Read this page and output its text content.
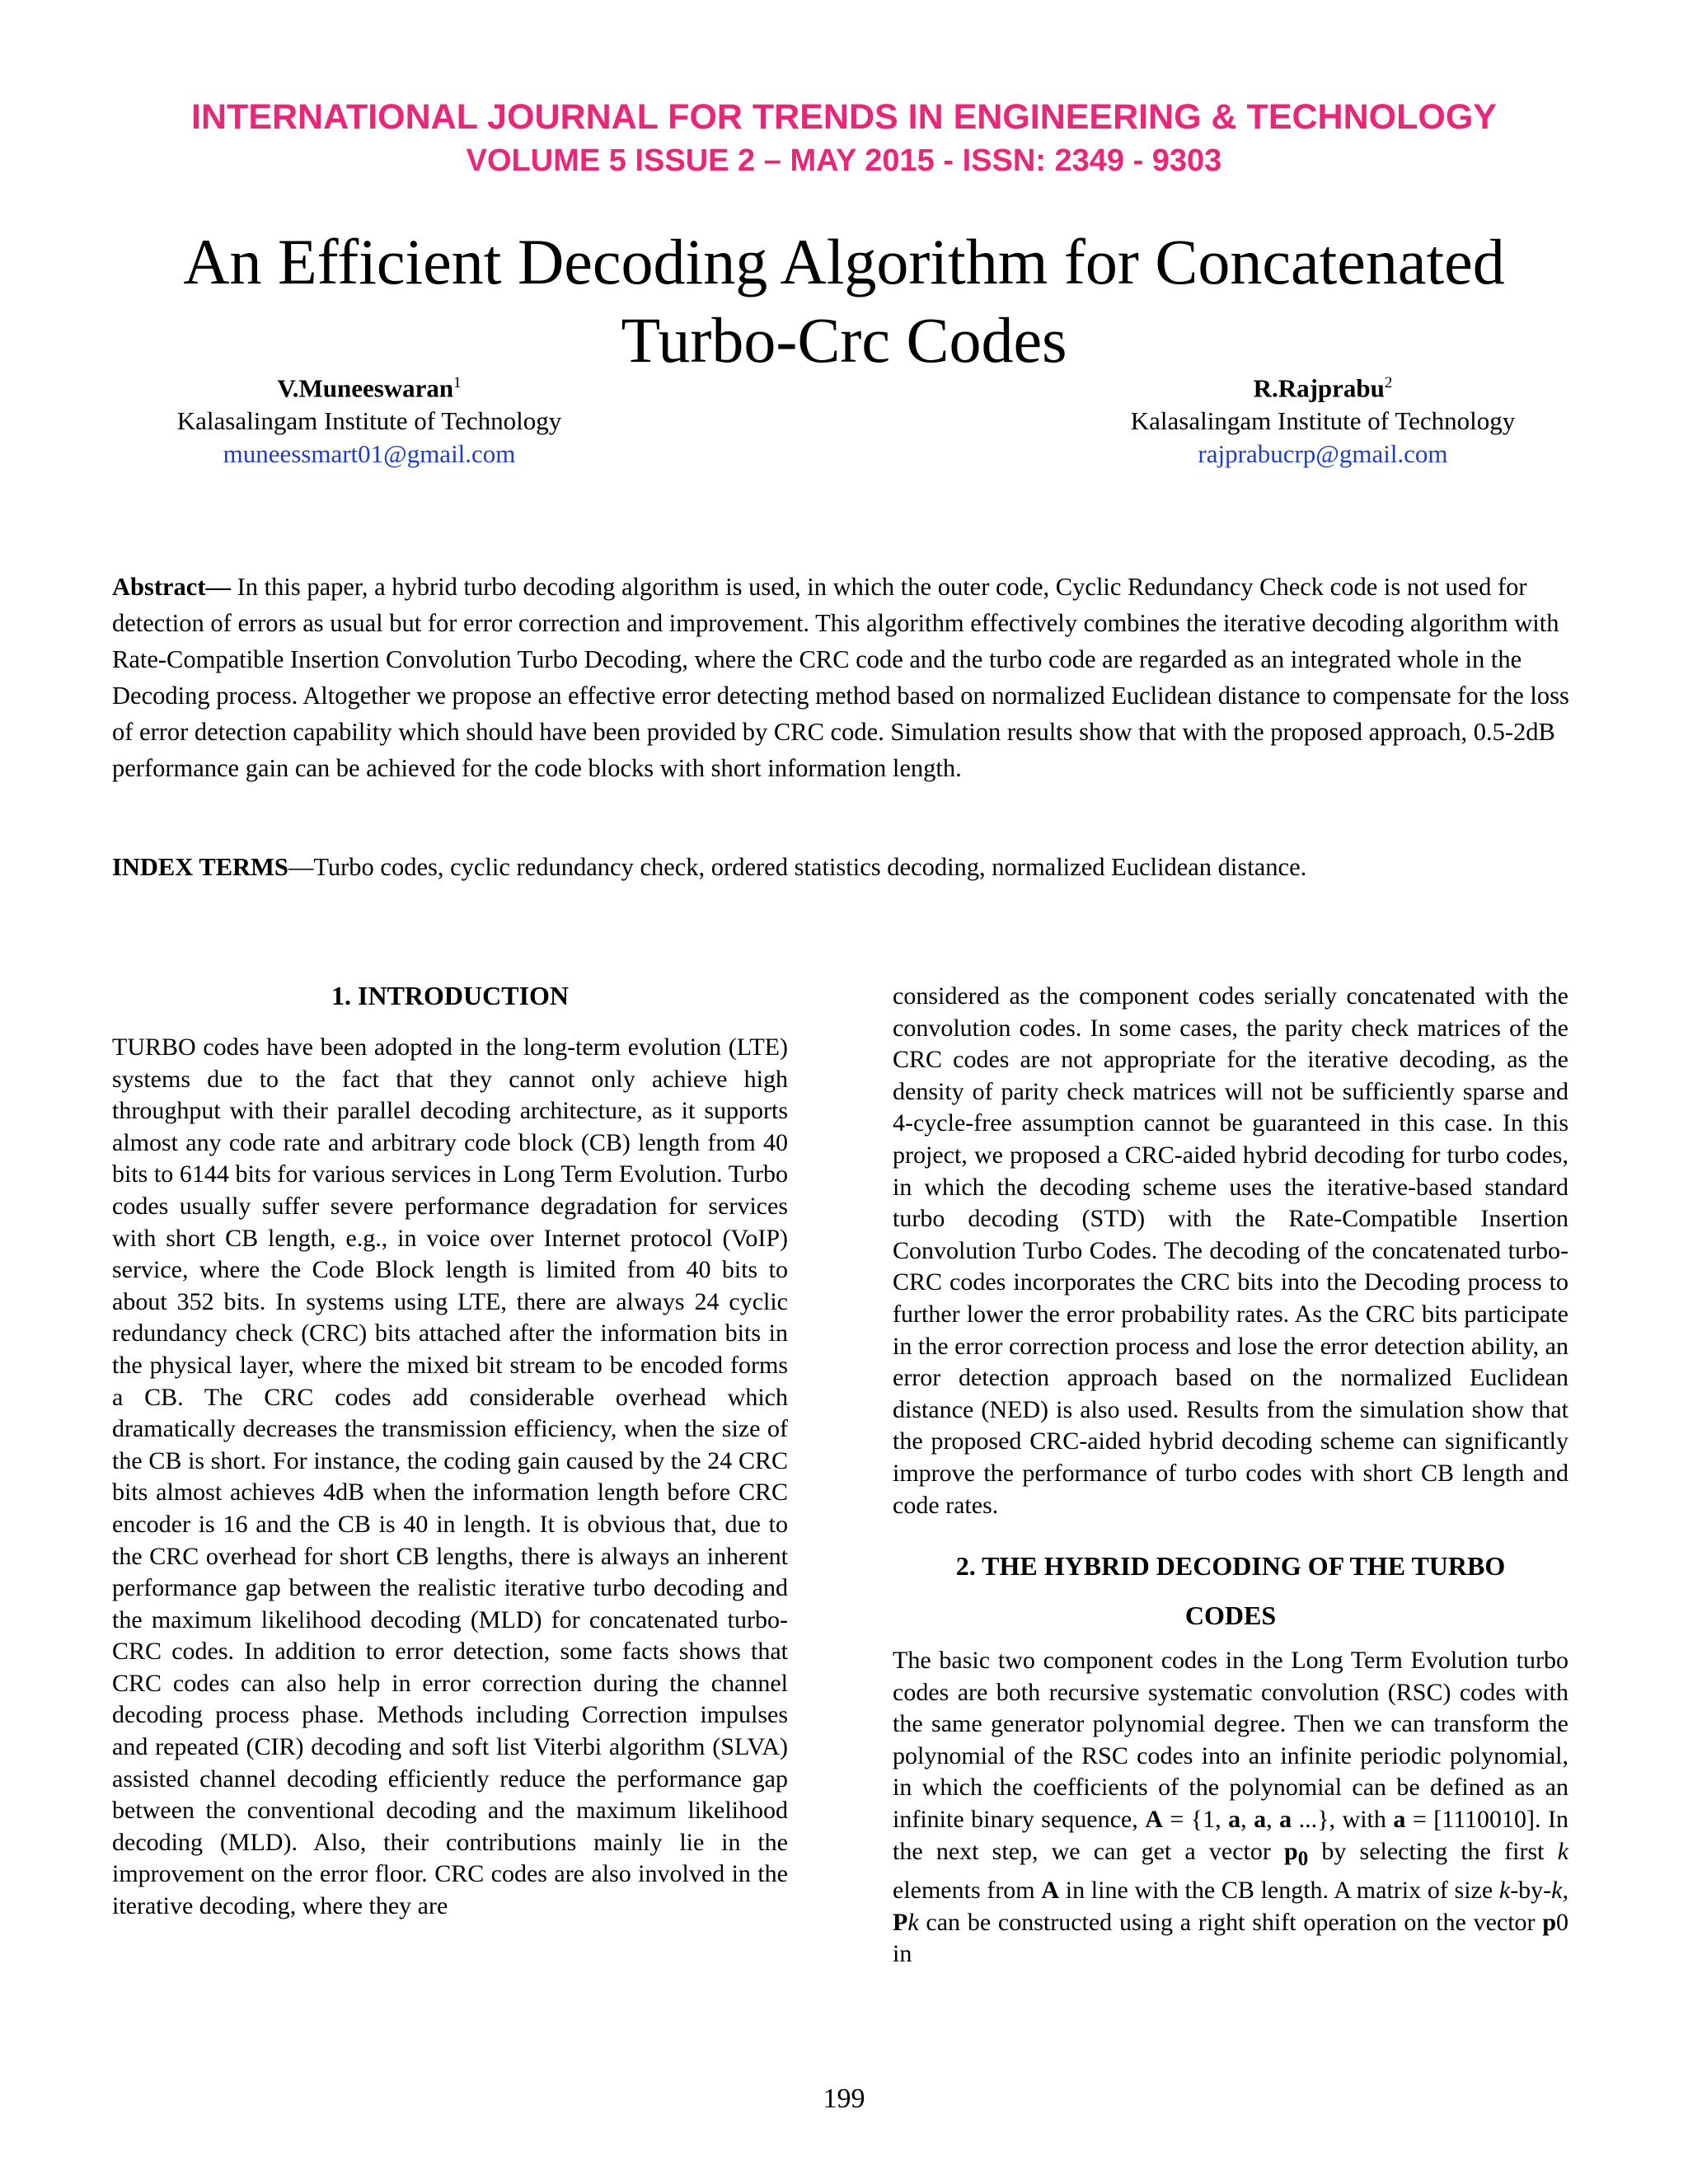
INTERNATIONAL JOURNAL FOR TRENDS IN ENGINEERING & TECHNOLOGY
VOLUME 5 ISSUE 2 – MAY 2015 - ISSN: 2349 - 9303
An Efficient Decoding Algorithm for Concatenated
Turbo-Crc Codes
V.Muneeswaran$^1$
Kalasalingam Institute of Technology
muneessmart01@gmail.com
R.Rajprabu$^2$
Kalasalingam Institute of Technology
rajprabucrp@gmail.com
Abstract— In this paper, a hybrid turbo decoding algorithm is used, in which the outer code, Cyclic Redundancy Check code is not used for detection of errors as usual but for error correction and improvement. This algorithm effectively combines the iterative decoding algorithm with Rate-Compatible Insertion Convolution Turbo Decoding, where the CRC code and the turbo code are regarded as an integrated whole in the Decoding process. Altogether we propose an effective error detecting method based on normalized Euclidean distance to compensate for the loss of error detection capability which should have been provided by CRC code. Simulation results show that with the proposed approach, 0.5-2dB performance gain can be achieved for the code blocks with short information length.
INDEX TERMS—Turbo codes, cyclic redundancy check, ordered statistics decoding, normalized Euclidean distance.
1. INTRODUCTION

TURBO codes have been adopted in the long-term evolution (LTE) systems due to the fact that they cannot only achieve high throughput with their parallel decoding architecture, as it supports almost any code rate and arbitrary code block (CB) length from 40 bits to 6144 bits for various services in Long Term Evolution. Turbo codes usually suffer severe performance degradation for services with short CB length, e.g., in voice over Internet protocol (VoIP) service, where the Code Block length is limited from 40 bits to about 352 bits. In systems using LTE, there are always 24 cyclic redundancy check (CRC) bits attached after the information bits in the physical layer, where the mixed bit stream to be encoded forms a CB. The CRC codes add considerable overhead which dramatically decreases the transmission efficiency, when the size of the CB is short. For instance, the coding gain caused by the 24 CRC bits almost achieves 4dB when the information length before CRC encoder is 16 and the CB is 40 in length. It is obvious that, due to the CRC overhead for short CB lengths, there is always an inherent performance gap between the realistic iterative turbo decoding and the maximum likelihood decoding (MLD) for concatenated turbo-CRC codes. In addition to error detection, some facts shows that CRC codes can also help in error correction during the channel decoding process phase. Methods including Correction impulses and repeated (CIR) decoding and soft list Viterbi algorithm (SLVA) assisted channel decoding efficiently reduce the performance gap between the conventional decoding and the maximum likelihood decoding (MLD). Also, their contributions mainly lie in the improvement on the error floor. CRC codes are also involved in the iterative decoding, where they are

considered as the component codes serially concatenated with the convolution codes. In some cases, the parity check matrices of the CRC codes are not appropriate for the iterative decoding, as the density of parity check matrices will not be sufficiently sparse and 4-cycle-free assumption cannot be guaranteed in this case. In this project, we proposed a CRC-aided hybrid decoding for turbo codes, in which the decoding scheme uses the iterative-based standard turbo decoding (STD) with the Rate-Compatible Insertion Convolution Turbo Codes. The decoding of the concatenated turbo-CRC codes incorporates the CRC bits into the Decoding process to further lower the error probability rates. As the CRC bits participate in the error correction process and lose the error detection ability, an error detection approach based on the normalized Euclidean distance (NED) is also used. Results from the simulation show that the proposed CRC-aided hybrid decoding scheme can significantly improve the performance of turbo codes with short CB length and code rates.

2. THE HYBRID DECODING OF THE TURBO
CODES

The basic two component codes in the Long Term Evolution turbo codes are both recursive systematic convolution (RSC) codes with the same generator polynomial degree. Then we can transform the polynomial of the RSC codes into an infinite periodic polynomial, in which the coefficients of the polynomial can be defined as an infinite binary sequence, A = {1, a, a, a ...}, with a = [1110010]. In the next step, we can get a vector $p_0$ by selecting the first k elements from A in line with the CB length. A matrix of size k-by-k, Pk can be constructed using a right shift operation on the vector p0 in

199
